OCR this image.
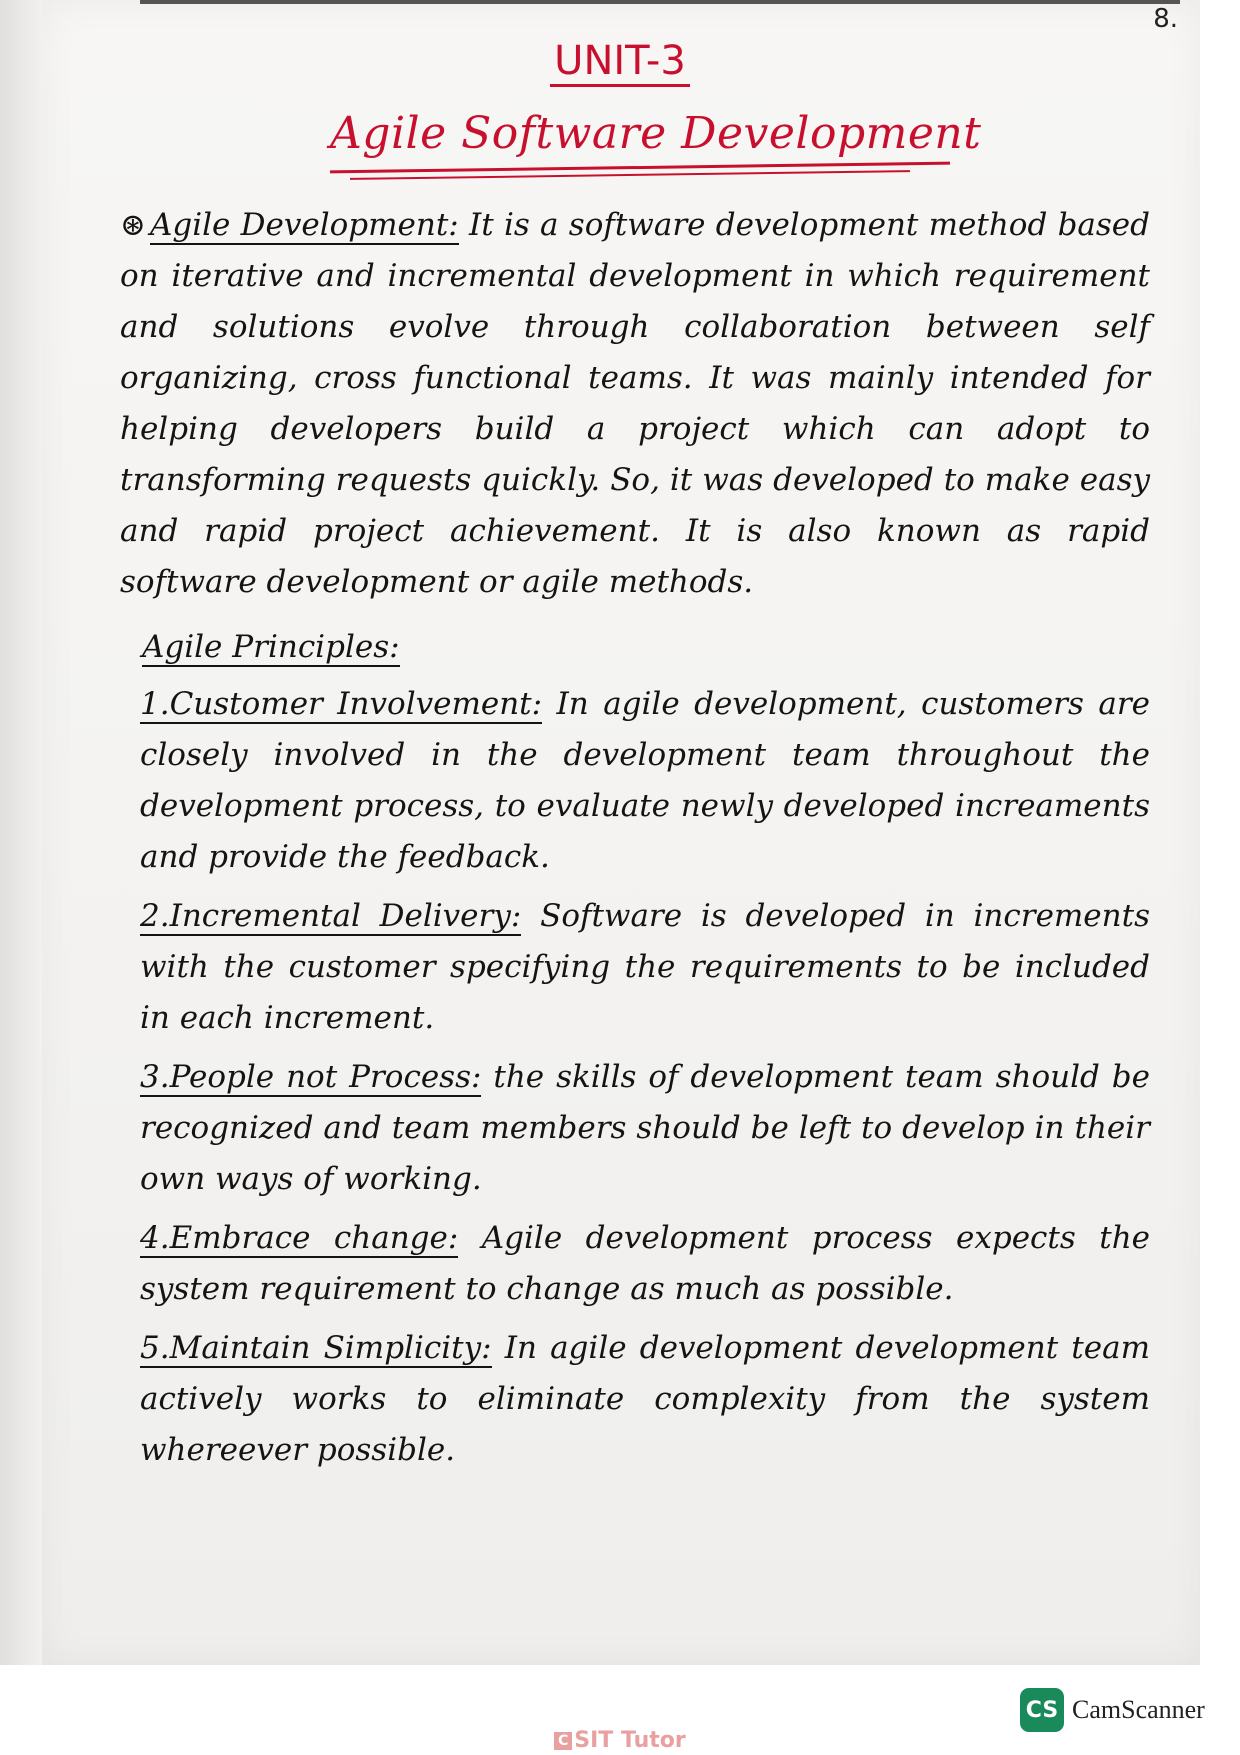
8.
UNIT-3
Agile Software Development

⊛ Agile Development: It is a software development method based on iterative and incremental development in which requirement and solutions evolve through collaboration between self organizing, cross functional teams. It was mainly intended for helping developers build a project which can adopt to transforming requests quickly. So, it was developed to make easy and rapid project achievement. It is also known as rapid software development or agile methods.

Agile Principles:

1.Customer Involvement: In agile development, customers are closely involved in the development team throughout the development process, to evaluate newly developed increaments and provide the feedback.

2.Incremental Delivery: Software is developed in increments with the customer specifying the requirements to be included in each increment.

3.People not Process: the skills of development team should be recognized and team members should be left to develop in their own ways of working.

4.Embrace change: Agile development process expects the system requirement to change as much as possible.

5.Maintain Simplicity: In agile development development team actively works to eliminate complexity from the system whereever possible.

CS CamScanner
C SIT Tutor
